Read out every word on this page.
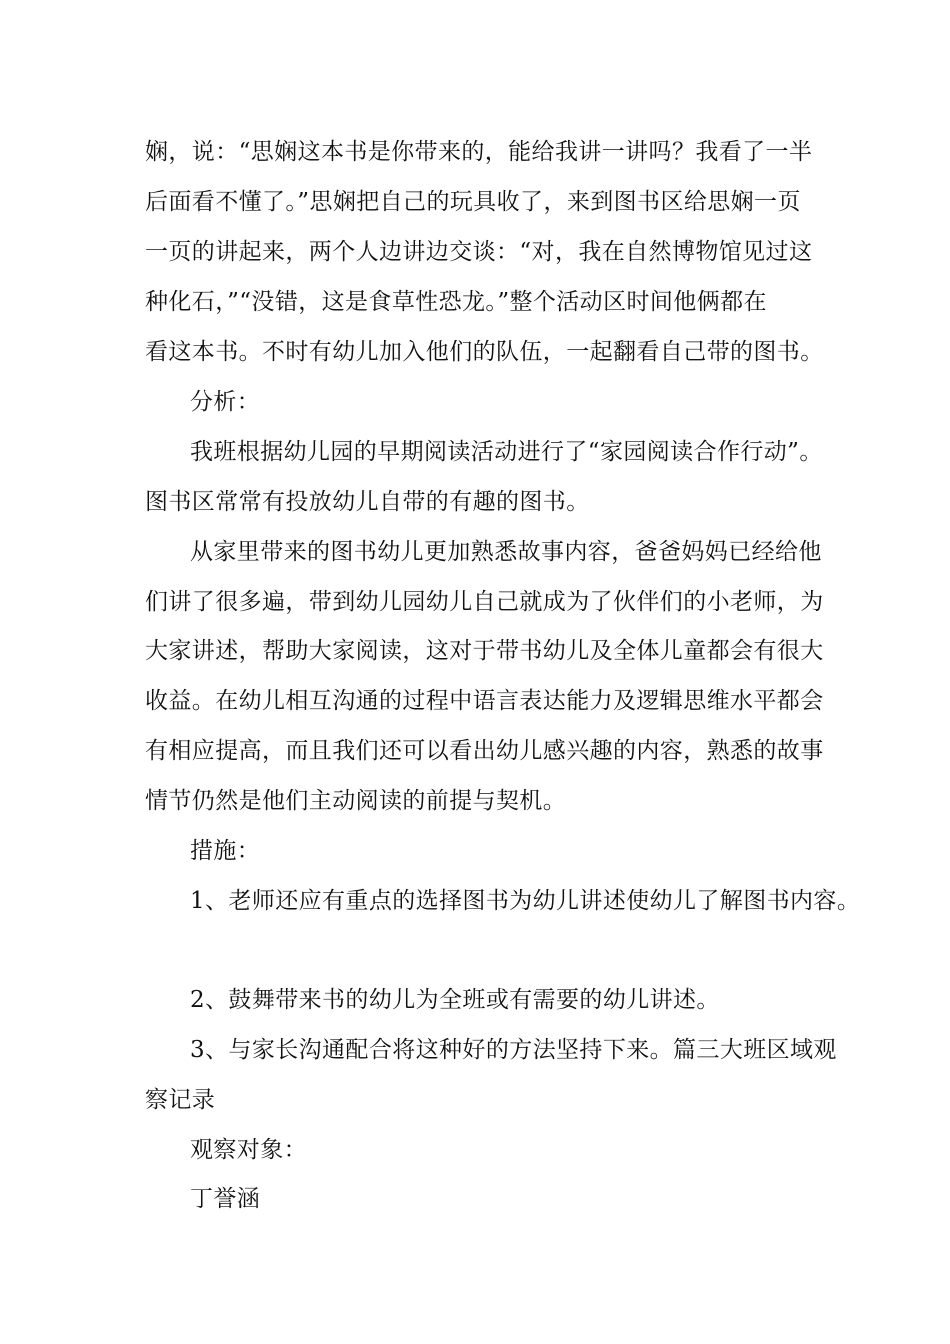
娴，说：“思娴这本书是你带来的，能给我讲一讲吗？我看了一半
后面看不懂了。”思娴把自己的玩具收了，来到图书区给思娴一页
一页的讲起来，两个人边讲边交谈：“对，我在自然博物馆见过这
种化石，”“没错，这是食草性恐龙。”整个活动区时间他俩都在
看这本书。不时有幼儿加入他们的队伍，一起翻看自己带的图书。
分析：
我班根据幼儿园的早期阅读活动进行了“家园阅读合作行动”。
图书区常常有投放幼儿自带的有趣的图书。
从家里带来的图书幼儿更加熟悉故事内容，爸爸妈妈已经给他
们讲了很多遍，带到幼儿园幼儿自己就成为了伙伴们的小老师，为
大家讲述，帮助大家阅读，这对于带书幼儿及全体儿童都会有很大
收益。在幼儿相互沟通的过程中语言表达能力及逻辑思维水平都会
有相应提高，而且我们还可以看出幼儿感兴趣的内容，熟悉的故事
情节仍然是他们主动阅读的前提与契机。
措施：
1、老师还应有重点的选择图书为幼儿讲述使幼儿了解图书内容。
2、鼓舞带来书的幼儿为全班或有需要的幼儿讲述。
3、与家长沟通配合将这种好的方法坚持下来。篇三大班区域观
察记录
观察对象：
丁誉涵
